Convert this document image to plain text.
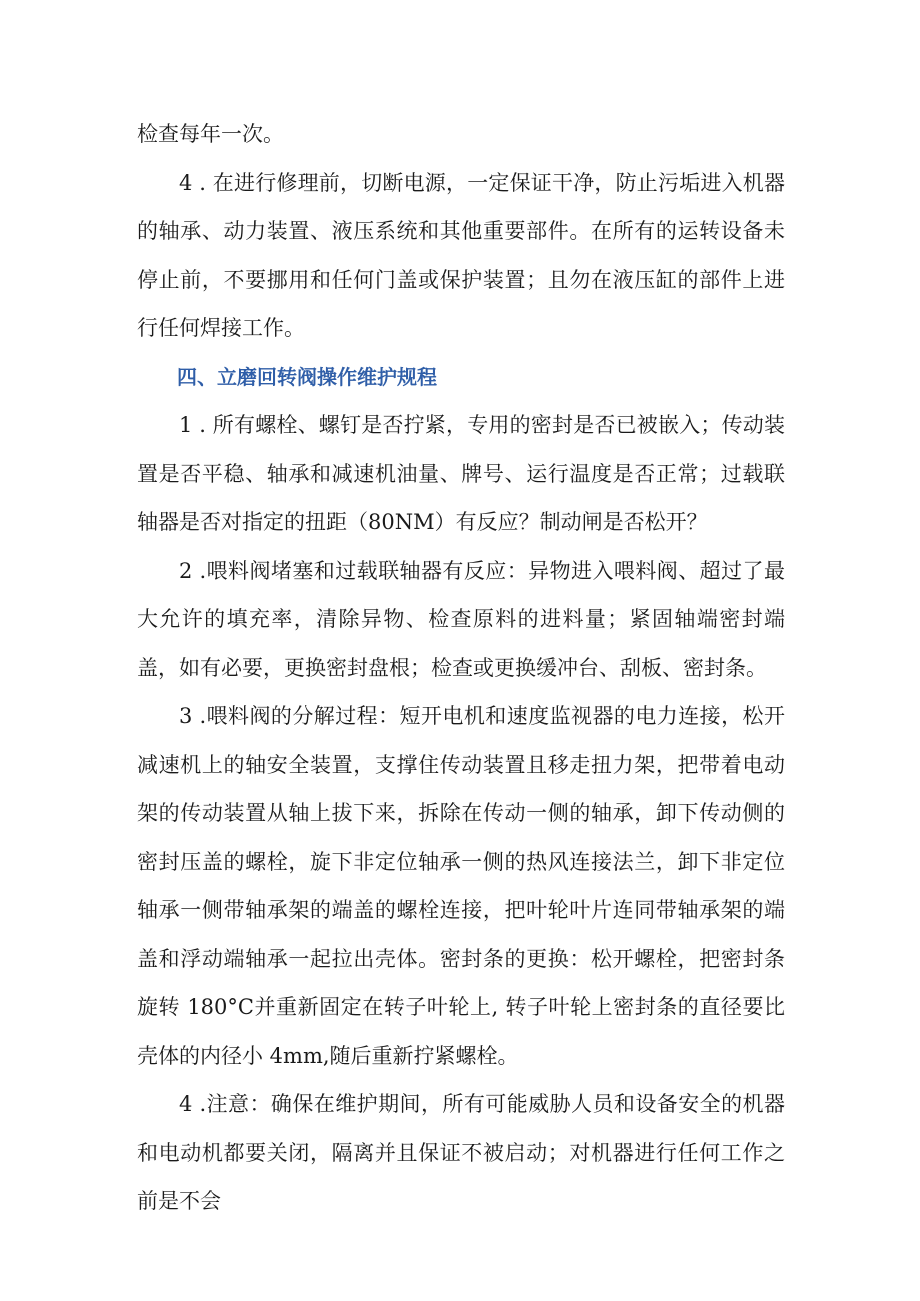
检查每年一次。

4 . 在进行修理前，切断电源，一定保证干净，防止污垢进入机器的轴承、动力装置、液压系统和其他重要部件。在所有的运转设备未停止前，不要挪用和任何门盖或保护装置；且勿在液压缸的部件上进行任何焊接工作。

四、立磨回转阀操作维护规程

1 . 所有螺栓、螺钉是否拧紧，专用的密封是否已被嵌入；传动装置是否平稳、轴承和减速机油量、牌号、运行温度是否正常；过载联轴器是否对指定的扭距（80NM）有反应？制动闸是否松开？

2 .喂料阀堵塞和过载联轴器有反应：异物进入喂料阀、超过了最大允许的填充率，清除异物、检查原料的进料量；紧固轴端密封端盖，如有必要，更换密封盘根；检查或更换缓冲台、刮板、密封条。

3 .喂料阀的分解过程：短开电机和速度监视器的电力连接，松开减速机上的轴安全装置，支撑住传动装置且移走扭力架，把带着电动架的传动装置从轴上拔下来，拆除在传动一侧的轴承，卸下传动侧的密封压盖的螺栓，旋下非定位轴承一侧的热风连接法兰，卸下非定位轴承一侧带轴承架的端盖的螺栓连接，把叶轮叶片连同带轴承架的端盖和浮动端轴承一起拉出壳体。密封条的更换：松开螺栓，把密封条旋转 180°C并重新固定在转子叶轮上, 转子叶轮上密封条的直径要比壳体的内径小 4mm,随后重新拧紧螺栓。

4 .注意：确保在维护期间，所有可能威胁人员和设备安全的机器和电动机都要关闭，隔离并且保证不被启动；对机器进行任何工作之前是不会
